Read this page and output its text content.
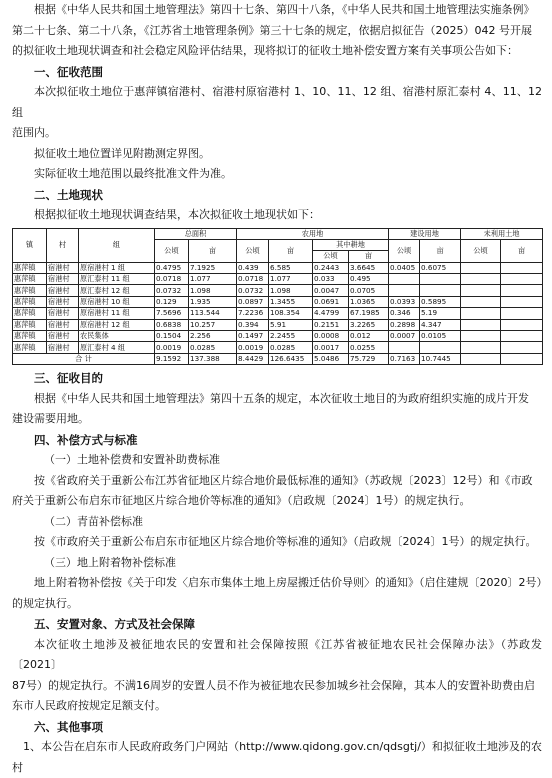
根据《中华人民共和国土地管理法》第四十七条、第四十八条，《中华人民共和国土地管理法实施条例》

第二十七条、第二十八条，《江苏省土地管理条例》第三十七条的规定，依据启拟征告（2025）042 号开展

的拟征收土地现状调查和社会稳定风险评估结果，现将拟订的征收土地补偿安置方案有关事项公告如下：

一、征收范围

本次拟征收土地位于惠萍镇宿港村、宿港村原宿港村 1、10、11、12 组、宿港村原汇泰村 4、11、12 组

范围内。

拟征收土地位置详见附勘测定界图。

实际征收土地范围以最终批准文件为准。

二、土地现状

根据拟征收土地现状调查结果，本次拟征收土地现状如下：

镇	村	组	总面积		农用地				建设用地		未利用土地	
			公顷	亩	公顷	亩	其中耕地		公顷	亩	公顷	亩
							公顷	亩				
惠萍镇	宿港村	原宿港村 1 组	0.4795	7.1925	0.439	6.585	0.2443	3.6645	0.0405	0.6075		
惠萍镇	宿港村	原汇泰村 11 组	0.0718	1.077	0.0718	1.077	0.033	0.495				
惠萍镇	宿港村	原汇泰村 12 组	0.0732	1.098	0.0732	1.098	0.0047	0.0705				
惠萍镇	宿港村	原宿港村 10 组	0.129	1.935	0.0897	1.3455	0.0691	1.0365	0.0393	0.5895		
惠萍镇	宿港村	原宿港村 11 组	7.5696	113.544	7.2236	108.354	4.4799	67.1985	0.346	5.19		
惠萍镇	宿港村	原宿港村 12 组	0.6838	10.257	0.394	5.91	0.2151	3.2265	0.2898	4.347		
惠萍镇	宿港村	农民集体	0.1504	2.256	0.1497	2.2455	0.0008	0.012	0.0007	0.0105		
惠萍镇	宿港村	原汇泰村 4 组	0.0019	0.0285	0.0019	0.0285	0.0017	0.0255				
合 计			9.1592	137.388	8.4429	126.6435	5.0486	75.729	0.7163	10.7445		

三、征收目的

根据《中华人民共和国土地管理法》第四十五条的规定，本次征收土地目的为政府组织实施的成片开发

建设需要用地。

四、补偿方式与标准

（一）土地补偿费和安置补助费标准

按《省政府关于重新公布江苏省征地区片综合地价最低标准的通知》（苏政规〔2023〕12号）和《市政

府关于重新公布启东市征地区片综合地价等标准的通知》（启政规〔2024〕1号）的规定执行。

（二）青苗补偿标准

按《市政府关于重新公布启东市征地区片综合地价等标准的通知》（启政规〔2024〕1号）的规定执行。

（三）地上附着物补偿标准

地上附着物补偿按《关于印发〈启东市集体土地上房屋搬迁估价导则〉的通知》（启住建规〔2020〕2号）

的规定执行。

五、安置对象、方式及社会保障

本次征收土地涉及被征地农民的安置和社会保障按照《江苏省被征地农民社会保障办法》（苏政发〔2021〕

87号）的规定执行。不满16周岁的安置人员不作为被征地农民参加城乡社会保障，其本人的安置补助费由启

东市人民政府按规定足额支付。

六、其他事项

1、本公告在启东市人民政府政务门户网站（http://www.qidong.gov.cn/qdsgtj/）和拟征收土地涉及的农村
